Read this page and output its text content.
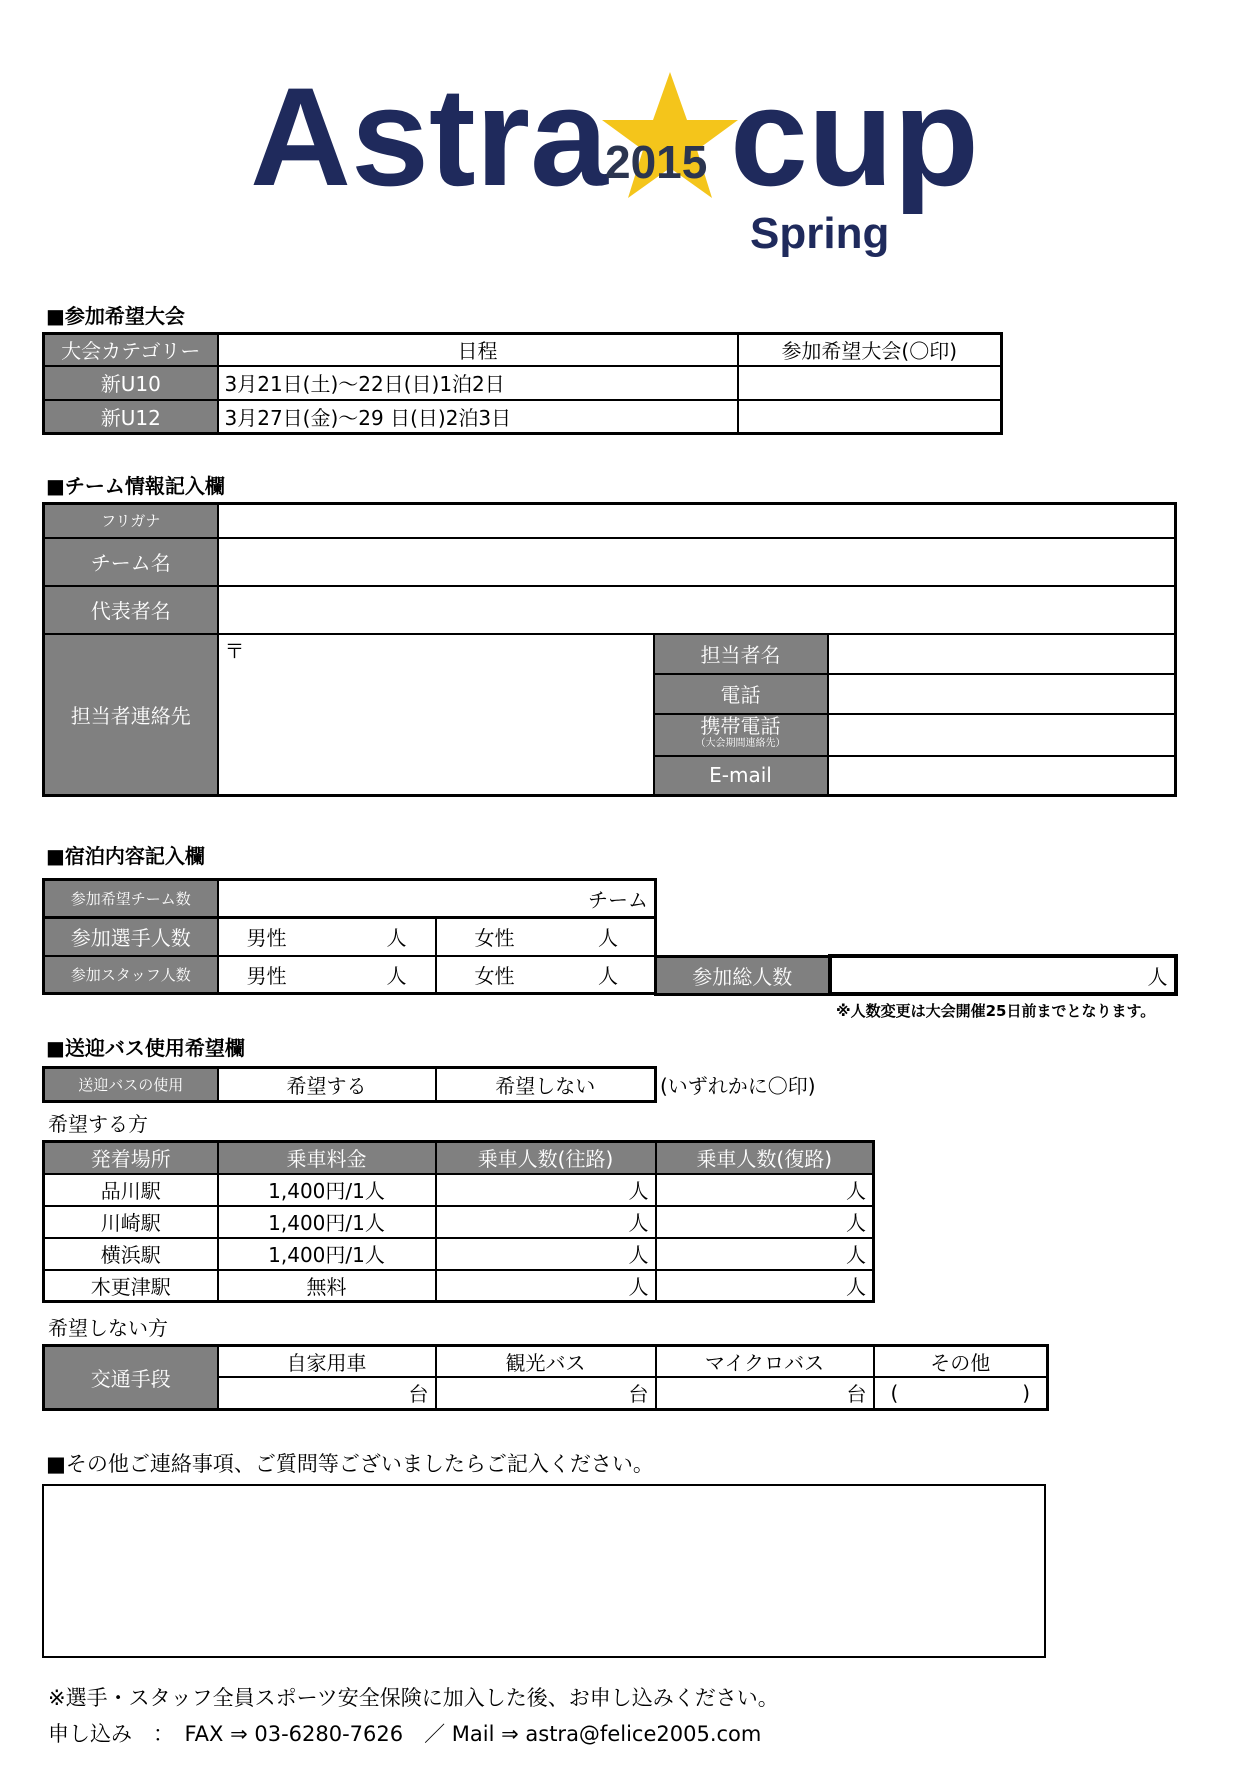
Astra
2015 cup
Spring
■参加希望大会
大会カテゴリー	日程	参加希望大会(〇印)
新U10	3月21日(土)～22日(日)1泊2日	
新U12	3月27日(金)～29 日(日)2泊3日	
■チーム情報記入欄
フリガナ			
チーム名			
代表者名			
担当者連絡先	〒	担当者名	
		電話	

		携帯電話
（大会期間連絡先）	

		E-mail	
■宿泊内容記入欄
参加希望チーム数	チーム
参加選手人数	男性 人	女性 人

参加スタッフ人数	男性 人	女性 人	参加総人数	人
※人数変更は大会開催25日前までとなります。
■送迎バス使用希望欄
送迎バスの使用	希望する	希望しない	(いずれかに〇印)
希望する方
発着場所	乗車料金	乗車人数(往路)	乗車人数(復路)
品川駅	1,400円/1人	人	人
川崎駅	1,400円/1人	人	人
横浜駅	1,400円/1人	人	人
木更津駅	無料	人	人
希望しない方
交通手段	自家用車	観光バス	マイクロバス	その他
	台	台	台	( )
■その他ご連絡事項、ご質問等ございましたらご記入ください。
※選手・スタッフ全員スポーツ安全保険に加入した後、お申し込みください。
申し込み　：　FAX ⇒ 03-6280-7626　／ Mail ⇒ astra@felice2005.com
